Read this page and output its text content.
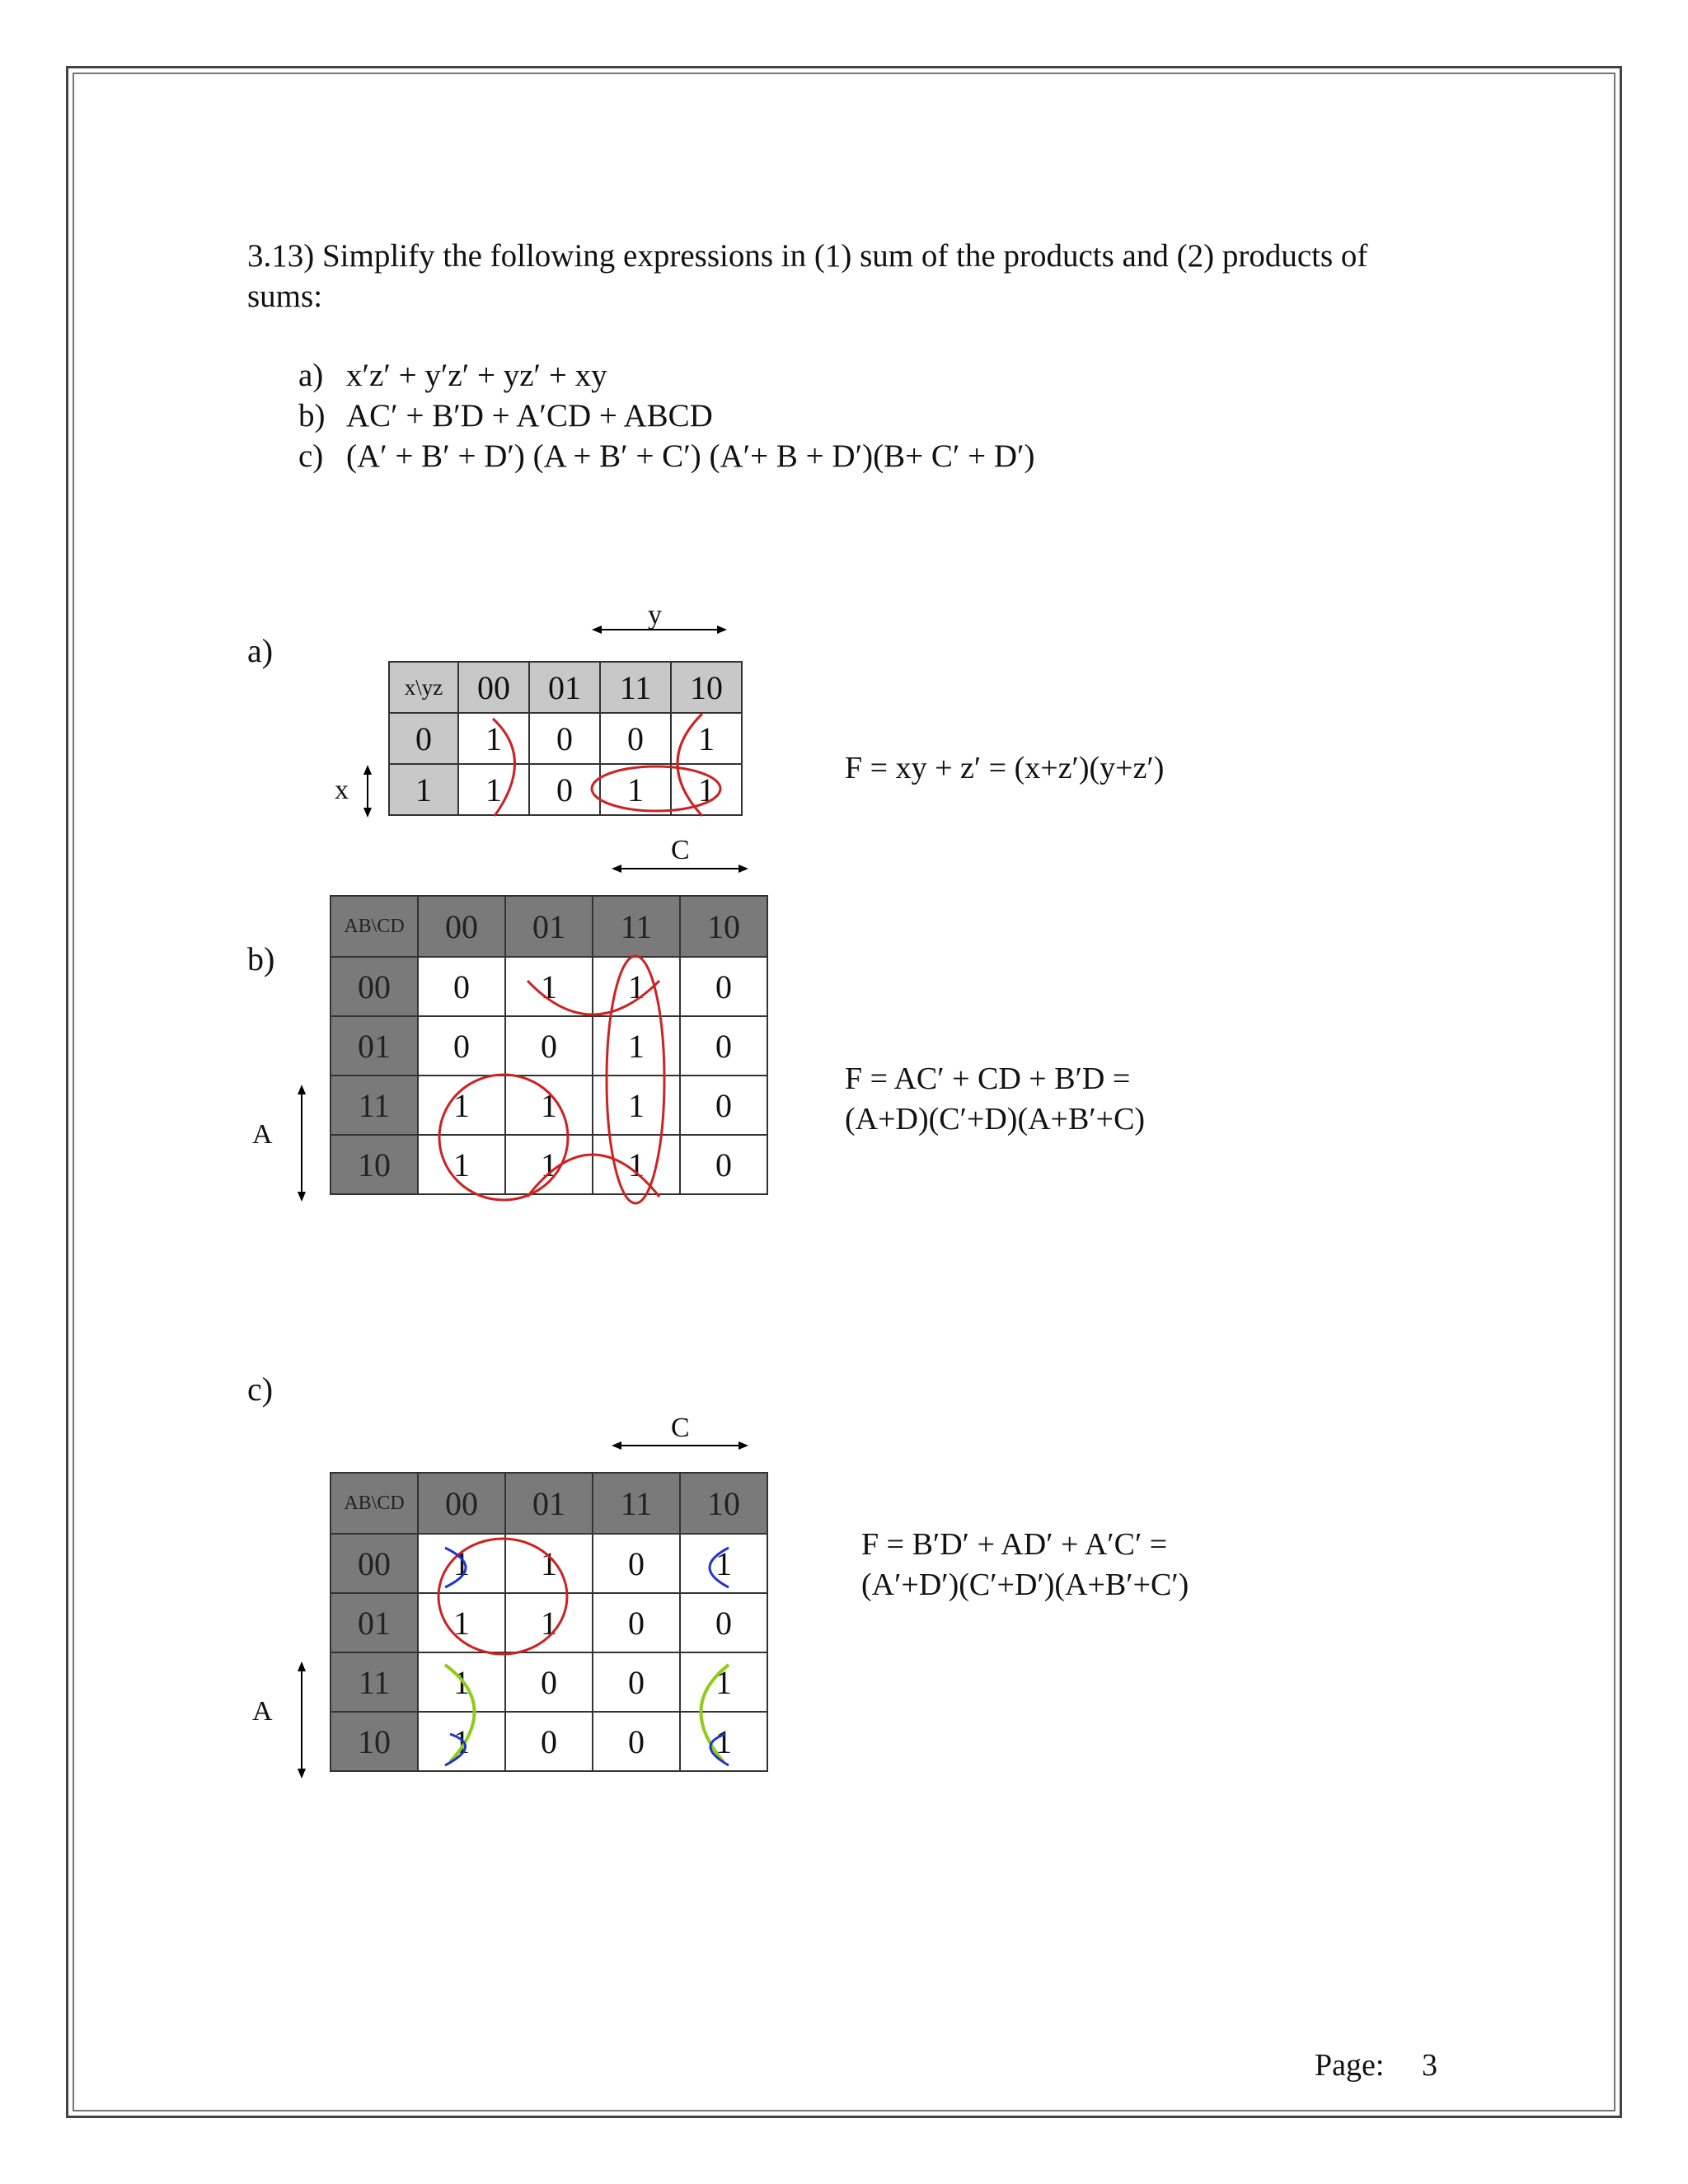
3.13) Simplify the following expressions in (1) sum of the products and (2) products of
sums:
a) x′z′ + y′z′ + yz′ + xy
b) AC′ + B′D + A′CD + ABCD
c) (A′ + B′ + D′) (A + B′ + C′) (A′+ B + D′)(B+ C′ + D′)
a)
y
x\yz	00	01	11	10
0	1	0	0	1
1	1	0	1	1
x
F = xy + z′ = (x+z′)(y+z′)
b)
C
AB\CD	00	01	11	10
00	0	1	1	0
01	0	0	1	0
11	1	1	1	0
10	1	1	1	0
A
F = AC′ + CD + B′D =
(A+D)(C′+D)(A+B′+C)
c)
C
AB\CD	00	01	11	10
00	1	1	0	1
01	1	1	0	0
11	1	0	0	1
10	1	0	0	1
A
F = B′D′ + AD′ + A′C′ =
(A′+D′)(C′+D′)(A+B′+C′)
Page: 3
